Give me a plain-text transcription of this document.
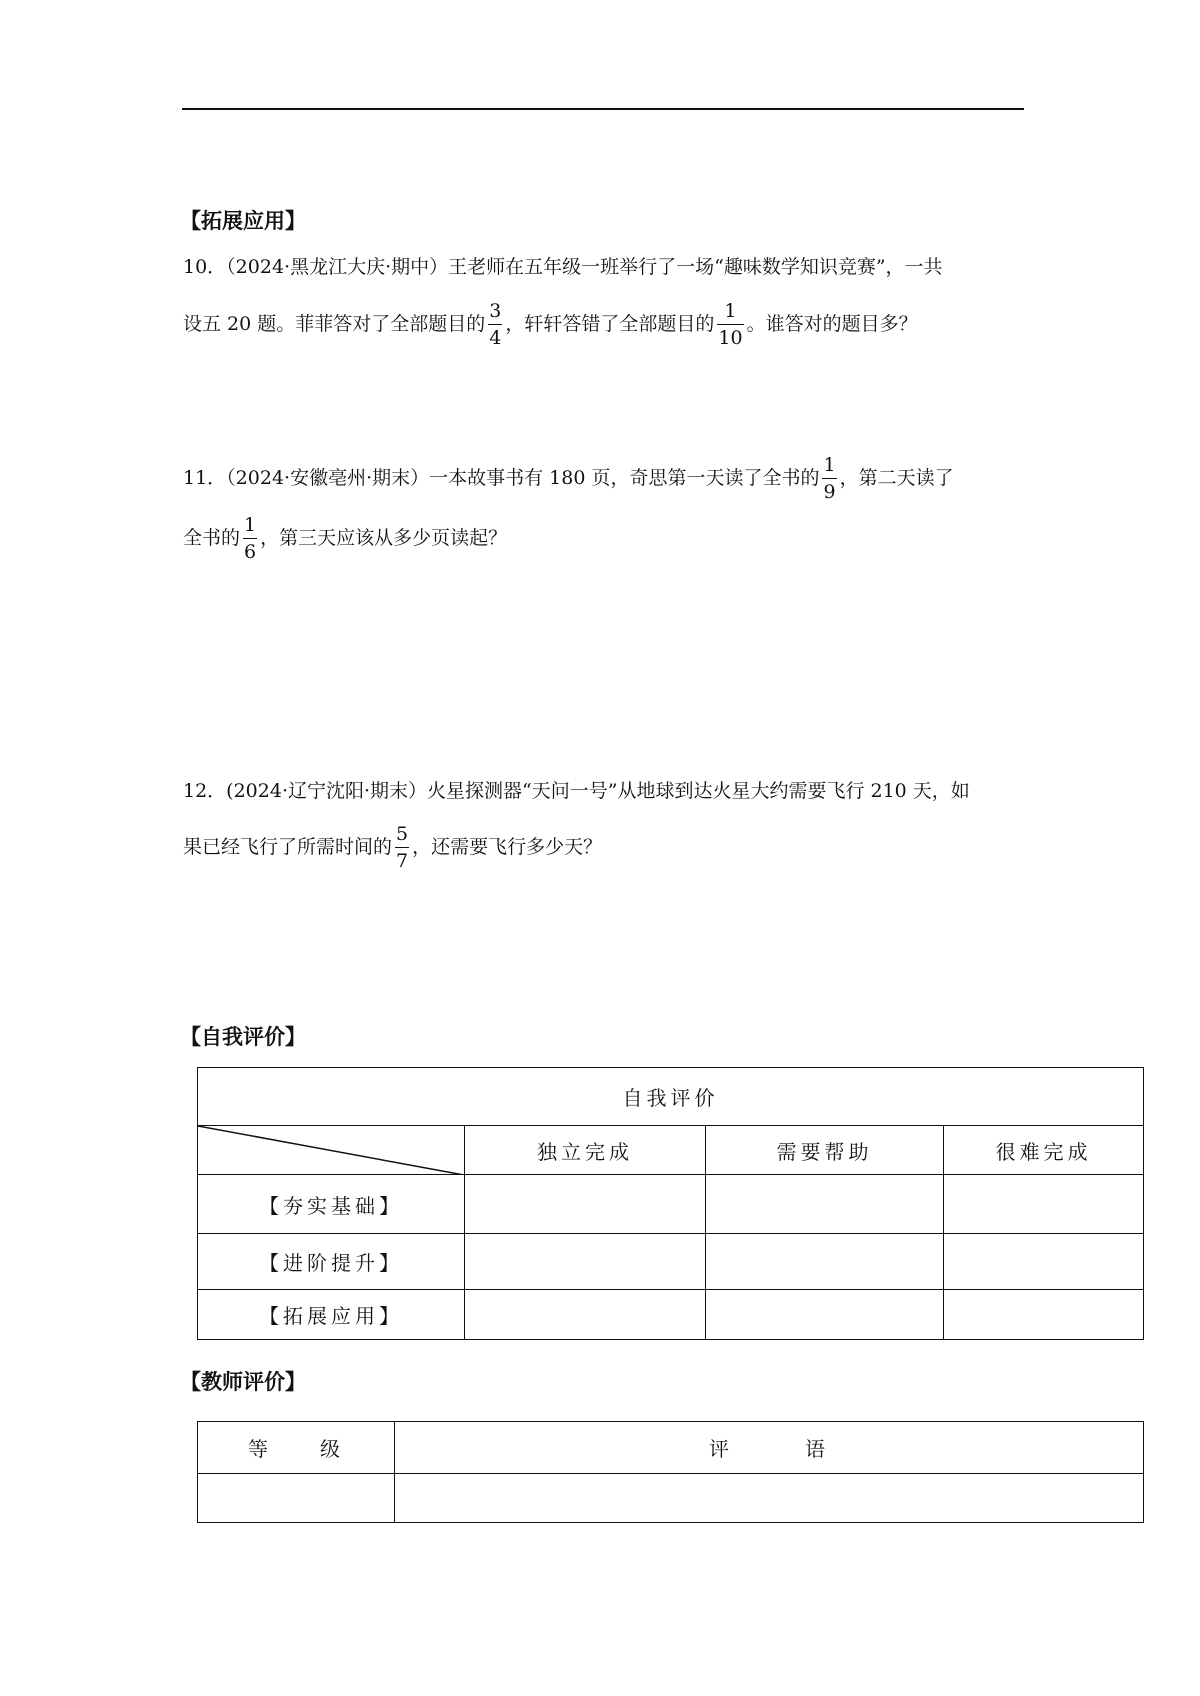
【拓展应用】
10．（2024·黑龙江大庆·期中）王老师在五年级一班举行了一场“趣味数学知识竞赛”，一共
设五 20 题。菲菲答对了全部题目的 $\frac{3}{4}$ ，轩轩答错了全部题目的 $\frac{1}{10}$ 。谁答对的题目多？
11．（2024·安徽亳州·期末）一本故事书有 180 页，奇思第一天读了全书的 $\frac{1}{9}$ ，第二天读了
全书的 $\frac{1}{6}$ ，第三天应该从多少页读起？
12．(2024·辽宁沈阳·期末）火星探测器“天问一号”从地球到达火星大约需要飞行 210 天，如
果已经飞行了所需时间的 $\frac{5}{7}$ ，还需要飞行多少天？
【自我评价】
自我评价			

	独立完成	需要帮助	很难完成
【夯实基础】			
【进阶提升】			
【拓展应用】			
【教师评价】
等　　级	评　　　语
